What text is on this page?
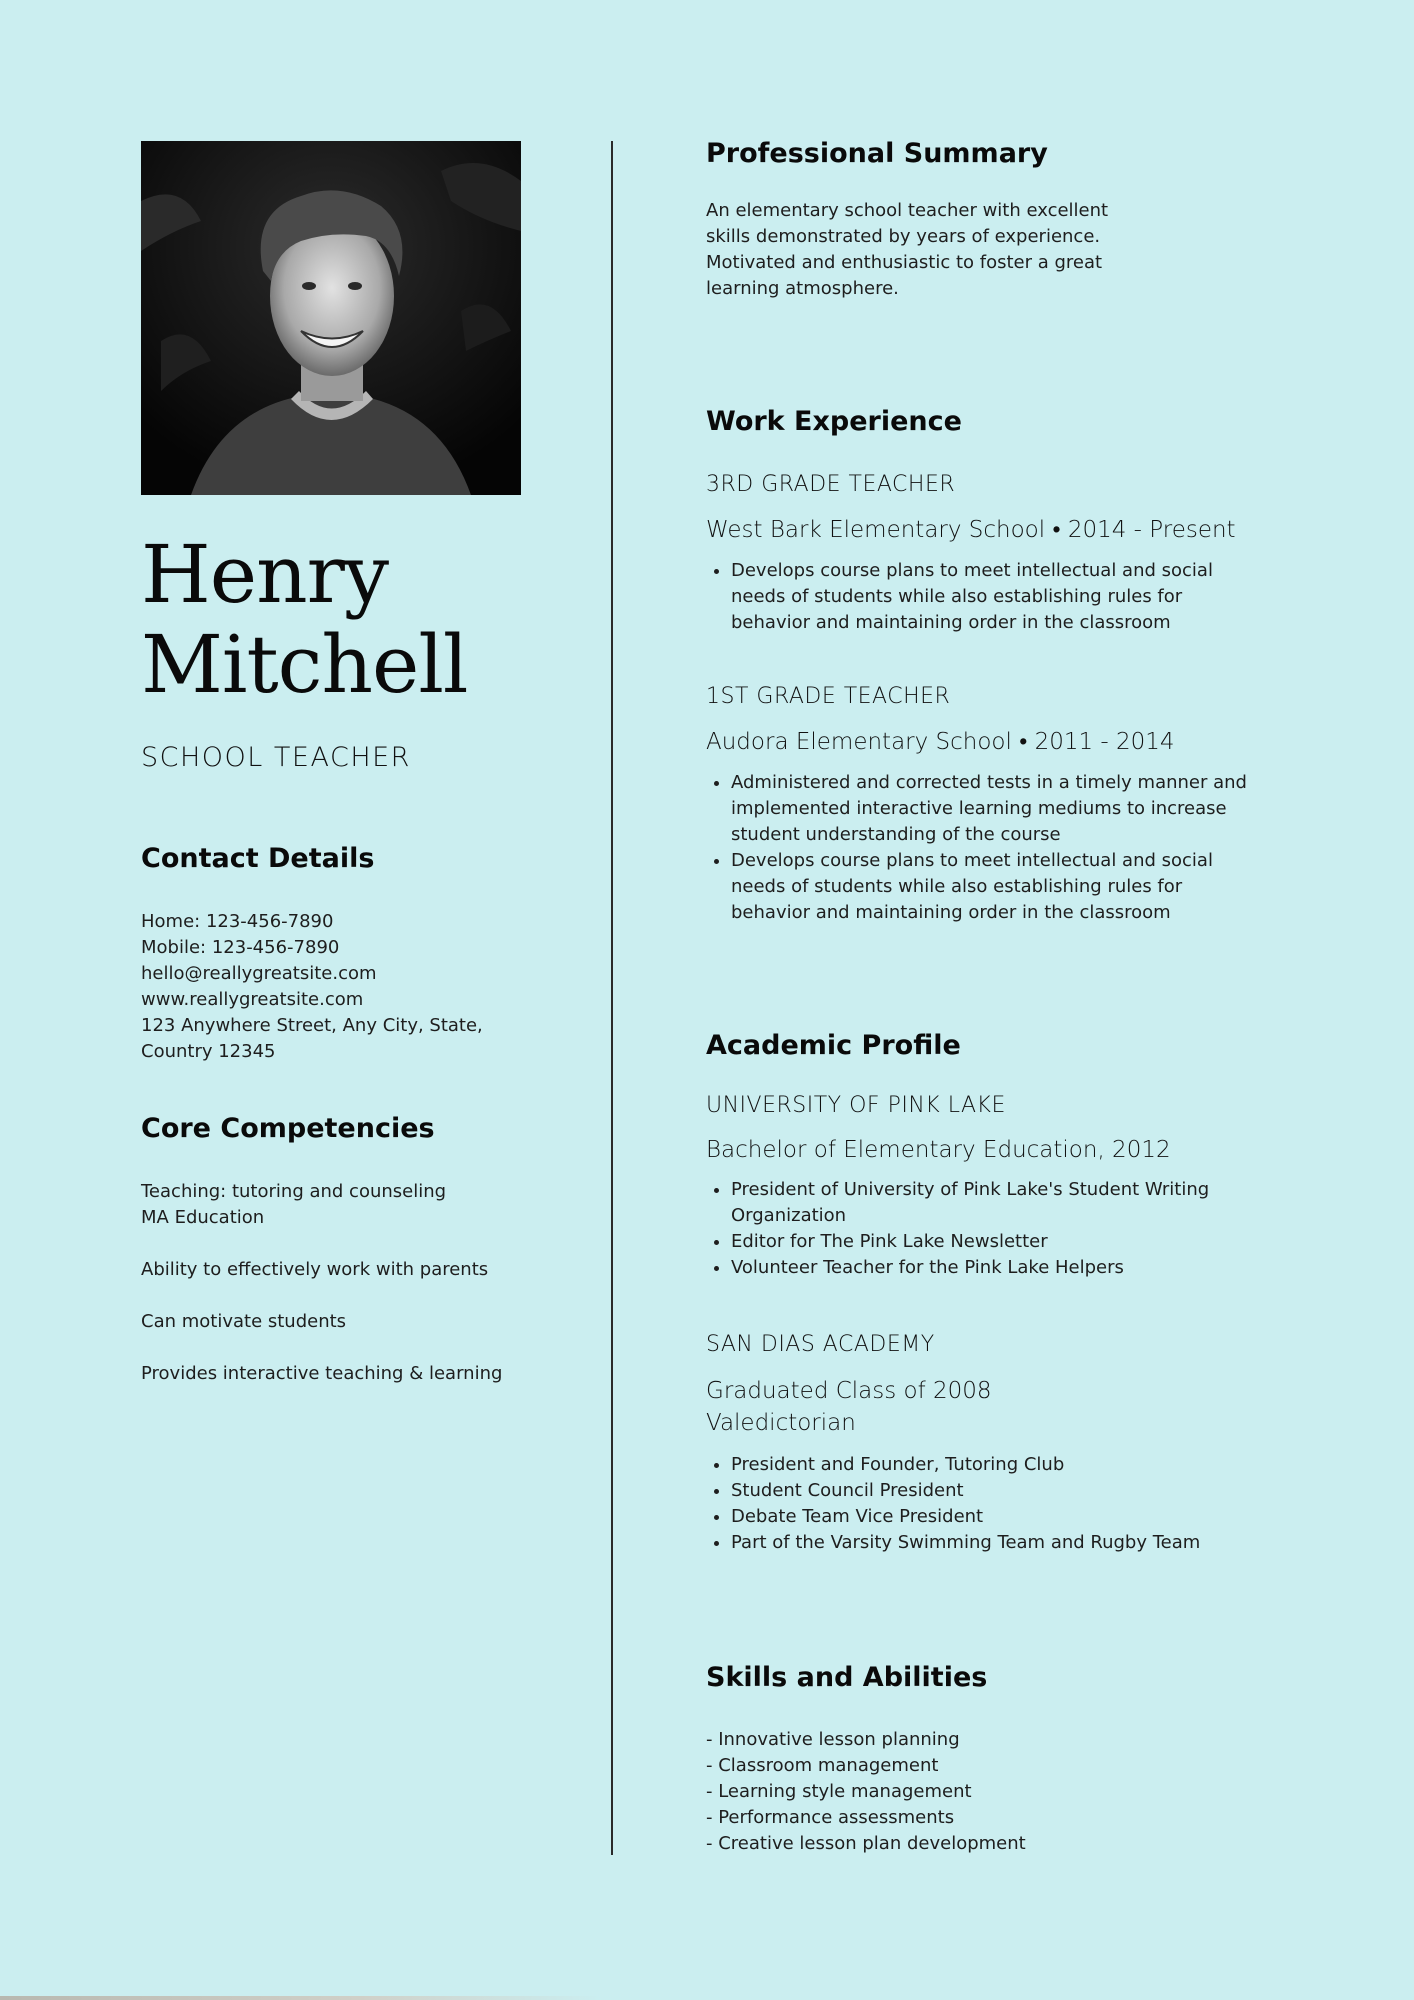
Henry
Mitchell

SCHOOL TEACHER

Contact Details
Home: 123-456-7890
Mobile: 123-456-7890
hello@reallygreatsite.com
www.reallygreatsite.com
123 Anywhere Street, Any City, State,
Country 12345
Core Competencies
Teaching: tutoring and counseling
MA Education
Ability to effectively work with parents
Can motivate students
Provides interactive teaching & learning
Professional Summary

An elementary school teacher with excellent skills demonstrated by years of experience. Motivated and enthusiastic to foster a great learning atmosphere.

Work Experience

3RD GRADE TEACHER

West Bark Elementary School • 2014 - Present

• Develops course plans to meet intellectual and social needs of students while also establishing rules for behavior and maintaining order in the classroom

1ST GRADE TEACHER

Audora Elementary School • 2011 - 2014

• Administered and corrected tests in a timely manner and implemented interactive learning mediums to increase student understanding of the course
• Develops course plans to meet intellectual and social needs of students while also establishing rules for behavior and maintaining order in the classroom
Academic Profile

UNIVERSITY OF PINK LAKE

Bachelor of Elementary Education, 2012

• President of University of Pink Lake's Student Writing Organization
• Editor for The Pink Lake Newsletter
• Volunteer Teacher for the Pink Lake Helpers

SAN DIAS ACADEMY

Graduated Class of 2008
Valedictorian
• President and Founder, Tutoring Club
• Student Council President
• Debate Team Vice President
• Part of the Varsity Swimming Team and Rugby Team
Skills and Abilities
- Innovative lesson planning
- Classroom management
- Learning style management
- Performance assessments
- Creative lesson plan development
